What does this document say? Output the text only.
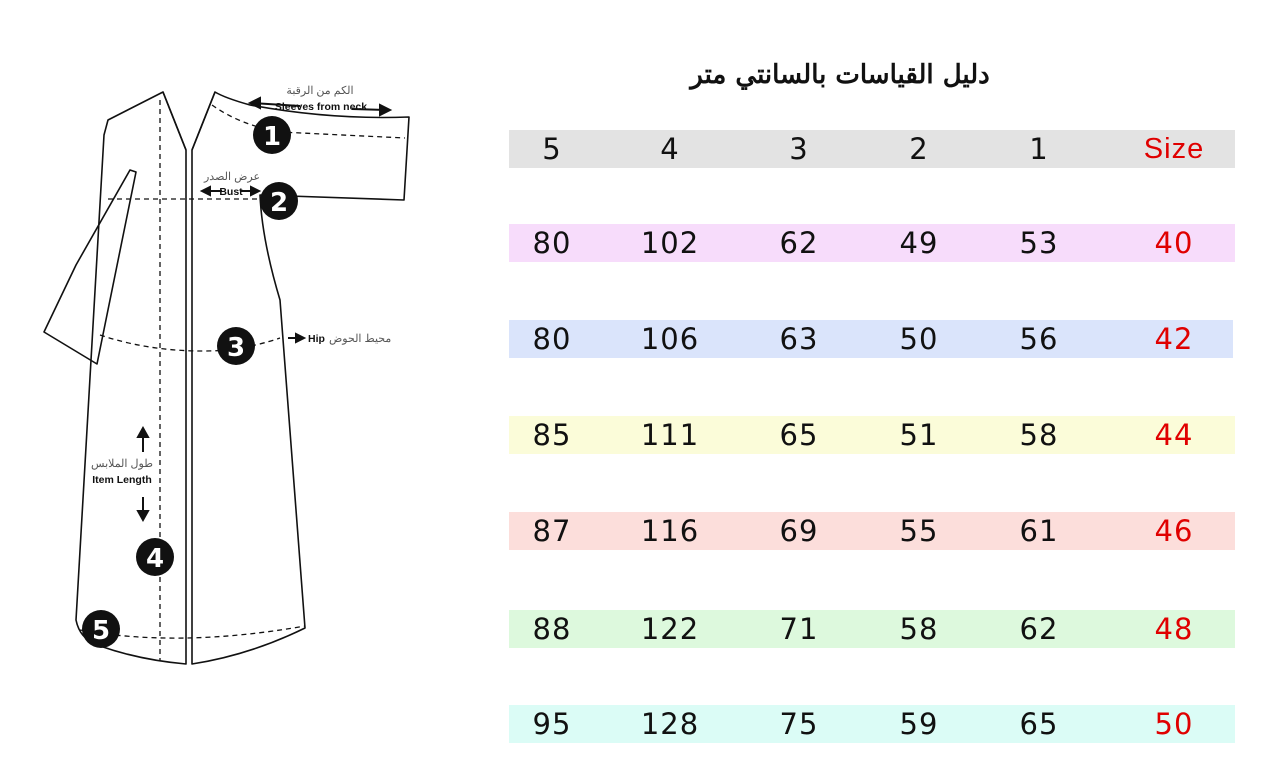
1
2
3
4
5
الكم من الرقبة
Sleeves from neck
عرض الصدر
Bust
Hip محيط الحوض
طول الملابس
Item Length
دليل القياسات بالسانتي متر
5	4	3	2	1	Size
80	102	62	49	53	40
80	106	63	50	56	42
85	111	65	51	58	44
87	116	69	55	61	46
88	122	71	58	62	48
95	128	75	59	65	50
